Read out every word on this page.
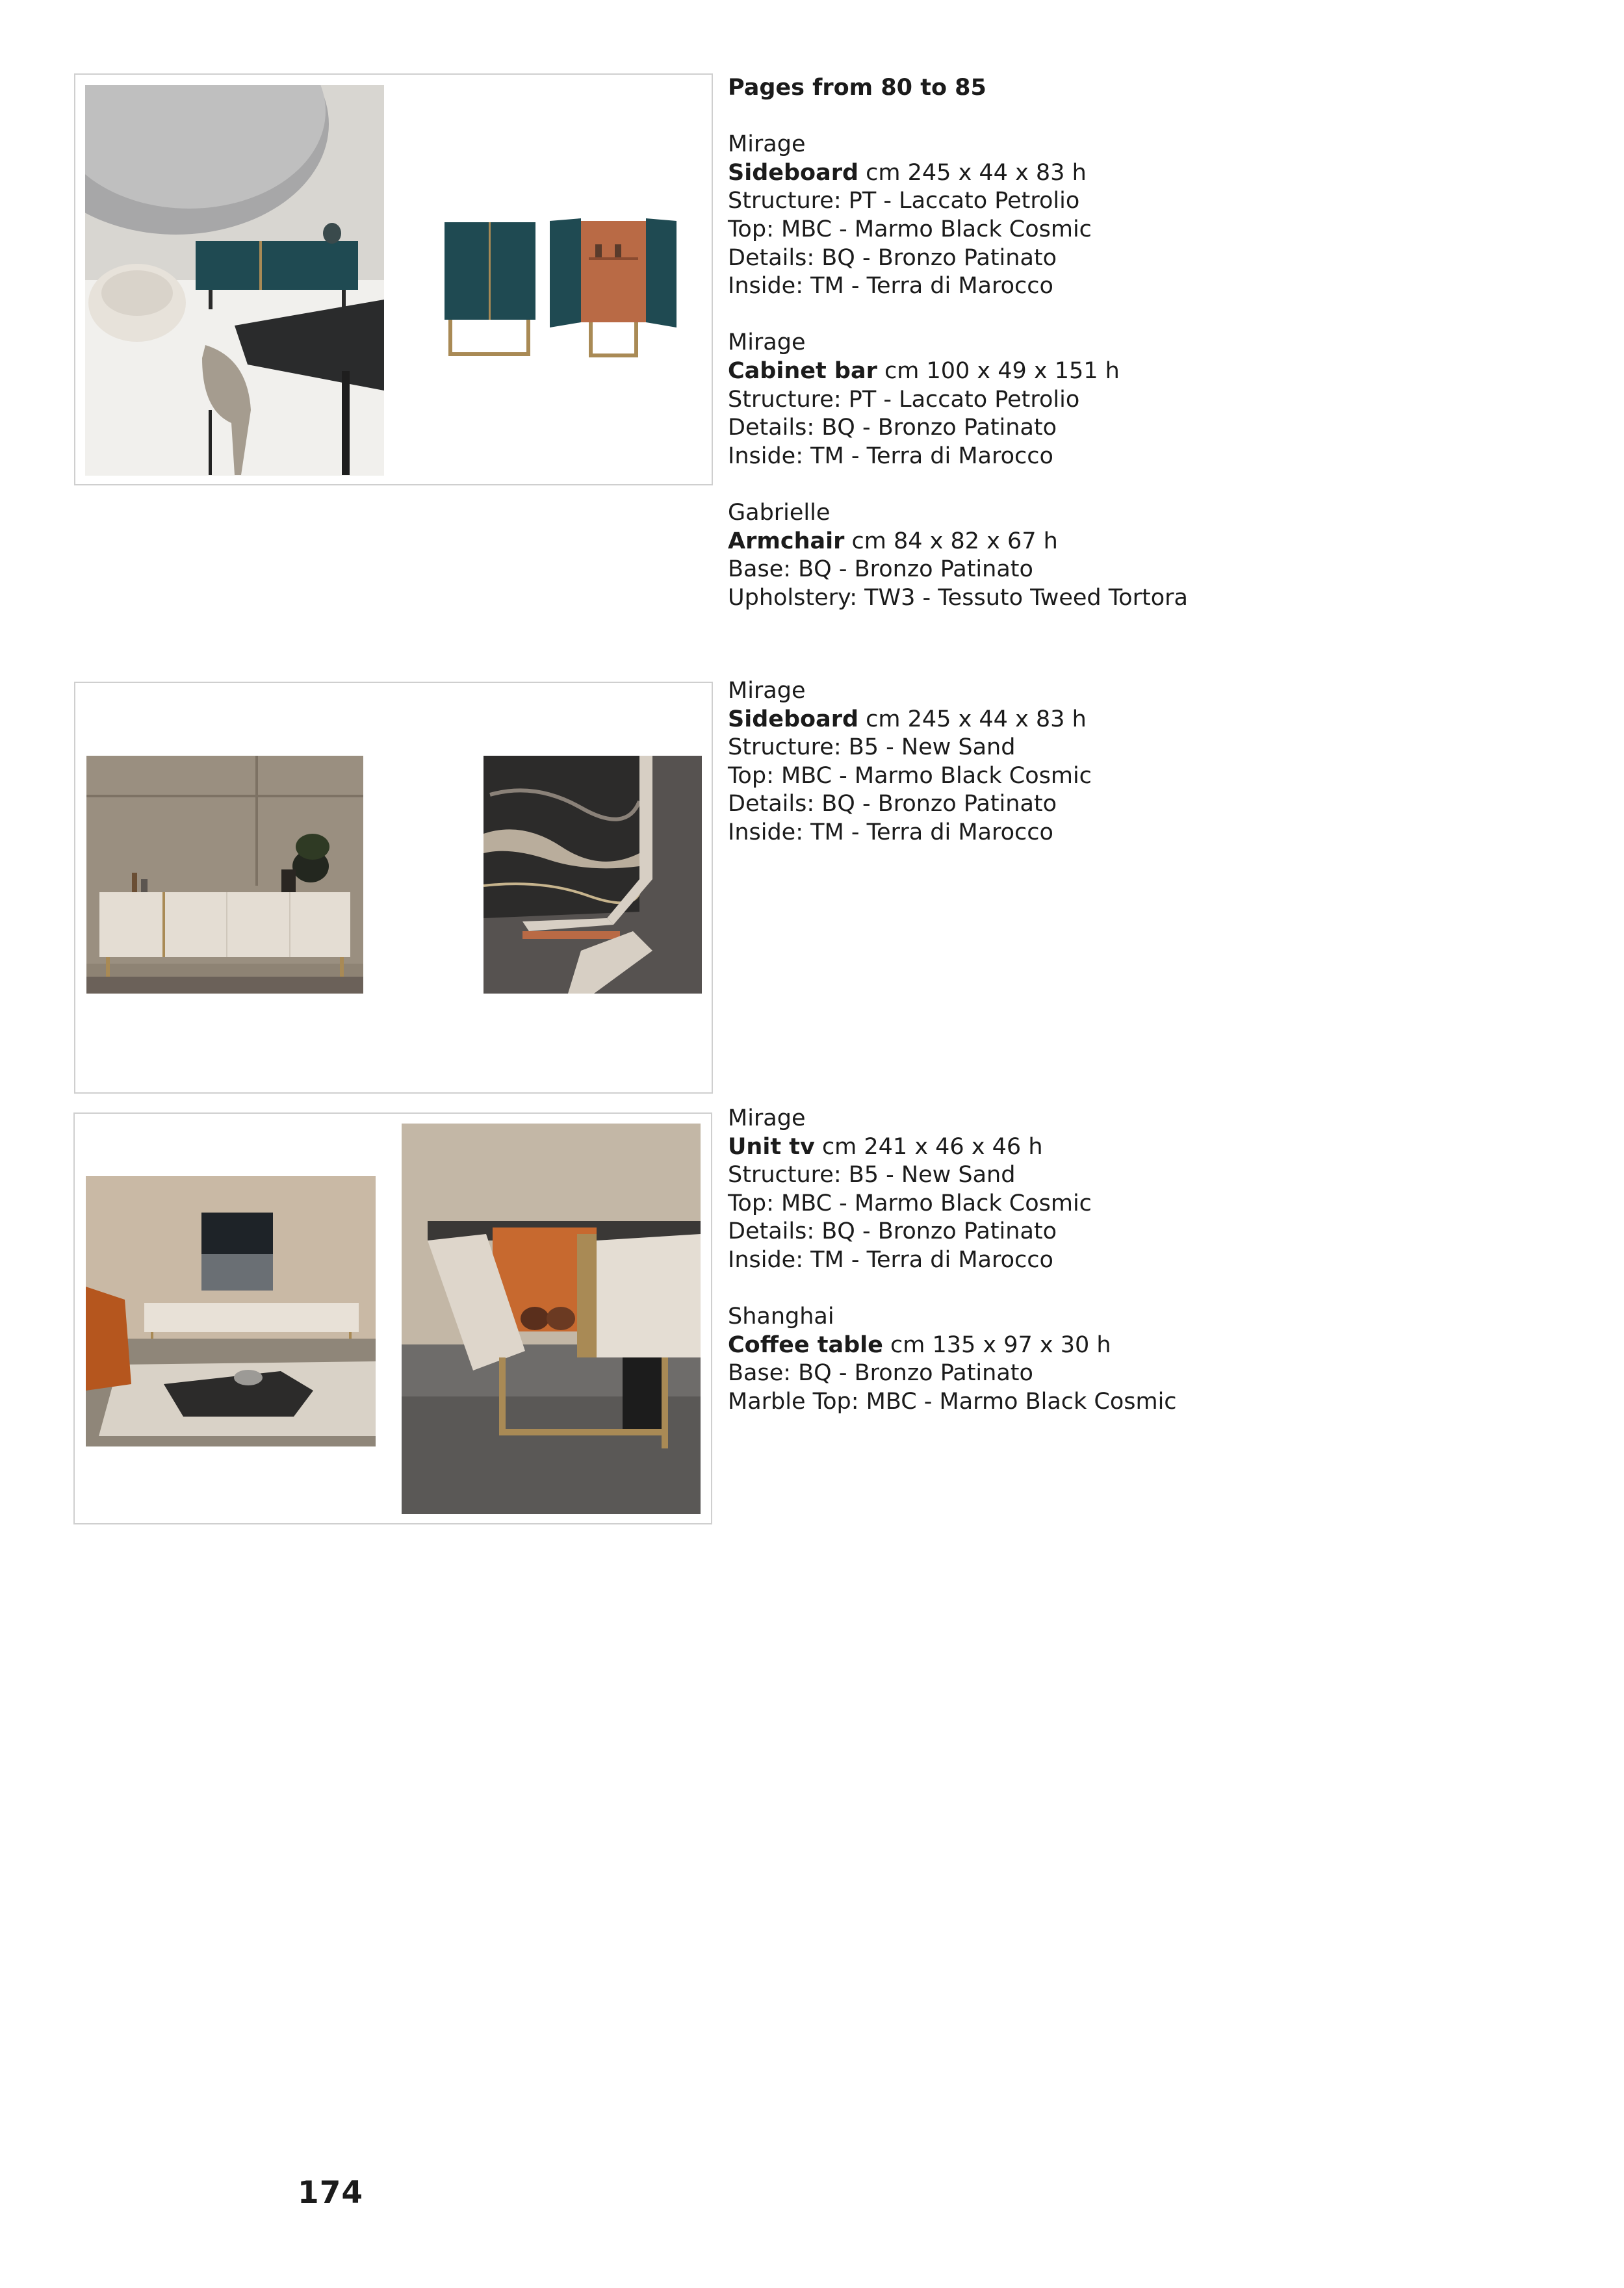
Pages from 80 to 85
Mirage
Sideboard cm 245 x 44 x 83 h
Structure: PT - Laccato Petrolio
Top: MBC - Marmo Black Cosmic
Details: BQ - Bronzo Patinato
Inside: TM - Terra di Marocco
Mirage
Cabinet bar cm 100 x 49 x 151 h
Structure: PT - Laccato Petrolio
Details: BQ - Bronzo Patinato
Inside: TM - Terra di Marocco
Gabrielle
Armchair cm 84 x 82 x 67 h
Base: BQ - Bronzo Patinato
Upholstery: TW3 - Tessuto Tweed Tortora
Mirage
Sideboard cm 245 x 44 x 83 h
Structure: B5 - New Sand
Top: MBC - Marmo Black Cosmic
Details: BQ - Bronzo Patinato
Inside: TM - Terra di Marocco
Mirage
Unit tv cm 241 x 46 x 46 h
Structure: B5 - New Sand
Top: MBC - Marmo Black Cosmic
Details: BQ - Bronzo Patinato
Inside: TM - Terra di Marocco
Shanghai
Coffee table cm 135 x 97 x 30 h
Base: BQ - Bronzo Patinato
Marble Top: MBC - Marmo Black Cosmic
174
